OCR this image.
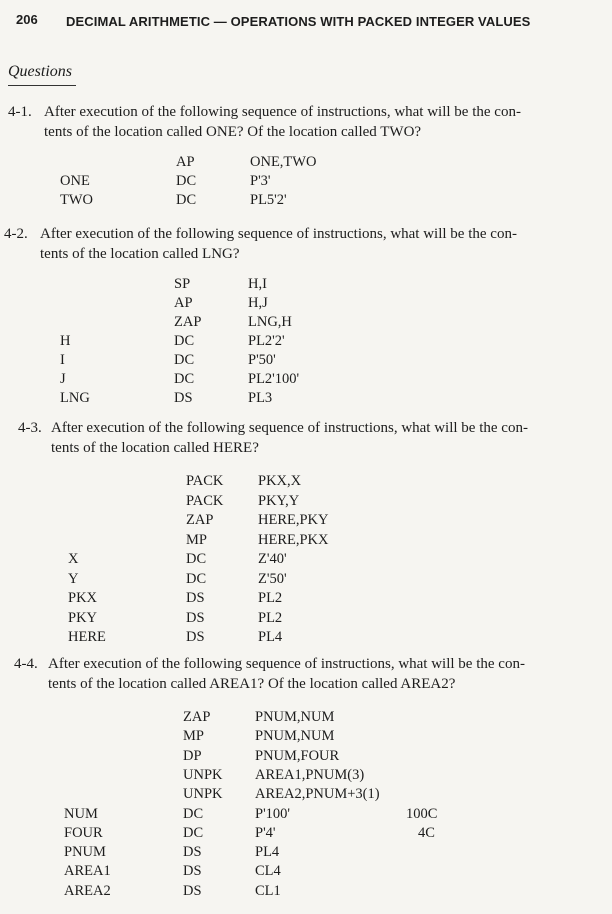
206 DECIMAL ARITHMETIC — OPERATIONS WITH PACKED INTEGER VALUES
Questions
4-1. After execution of the following sequence of instructions, what will be the con-
tents of the location called ONE? Of the location called TWO?
AP	ONE,TWO
ONE	DC	P'3'
TWO	DC	PL5'2'
4-2. After execution of the following sequence of instructions, what will be the con-
tents of the location called LNG?
SP	H,I
AP	H,J
ZAP	LNG,H
H	DC	PL2'2'
I	DC	P'50'
J	DC	PL2'100'
LNG	DS	PL3
4-3. After execution of the following sequence of instructions, what will be the con-
tents of the location called HERE?
PACK PKX,X
PACK PKY,Y
ZAP	HERE,PKY
MP	HERE,PKX
X	DC	Z'40'
Y	DC	Z'50'
PKX	DS	PL2
PKY	DS	PL2
HERE	DS	PL4
4-4. After execution of the following sequence of instructions, what will be the con-
tents of the location called AREA1? Of the location called AREA2?
ZAP	PNUM,NUM
MP	PNUM,NUM
DP	PNUM,FOUR
UNPK AREA1,PNUM(3)
UNPK AREA2,PNUM+3(1)
NUM	DC	P'100'	100C
FOUR	DC	P'4'	4C
PNUM	DS	PL4
AREA1	DS	CL4
AREA2	DS	CL1
